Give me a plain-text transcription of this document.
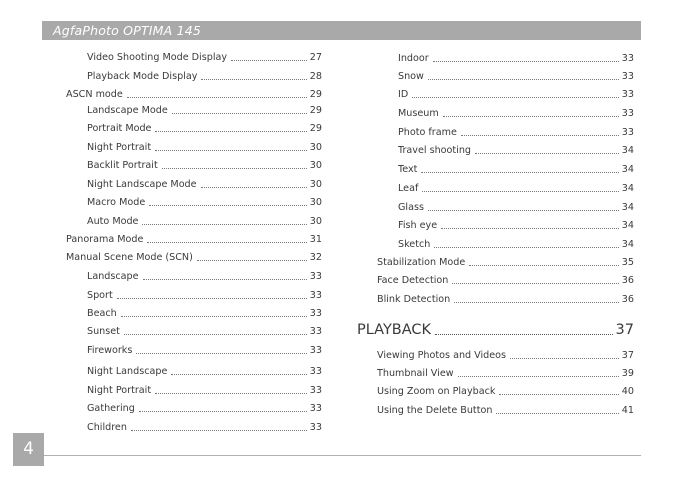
AgfaPhoto OPTIMA 145
Video Shooting Mode Display	27
Playback Mode Display	28
ASCN mode	29
Landscape Mode	29
Portrait Mode	29
Night Portrait	30
Backlit Portrait	30
Night Landscape Mode	30
Macro Mode	30
Auto Mode	30
Panorama Mode	31
Manual Scene Mode (SCN)	32
Landscape	33
Sport	33
Beach	33
Sunset	33
Fireworks	33
Night Landscape	33
Night Portrait	33
Gathering	33
Children	33
Indoor	33
Snow	33
ID	33
Museum	33
Photo frame	33
Travel shooting	34
Text	34
Leaf	34
Glass	34
Fish eye	34
Sketch	34
Stabilization Mode	35
Face Detection	36
Blink Detection	36
PLAYBACK	37
Viewing Photos and Videos	37
Thumbnail View	39
Using Zoom on Playback	40
Using the Delete Button	41
4
